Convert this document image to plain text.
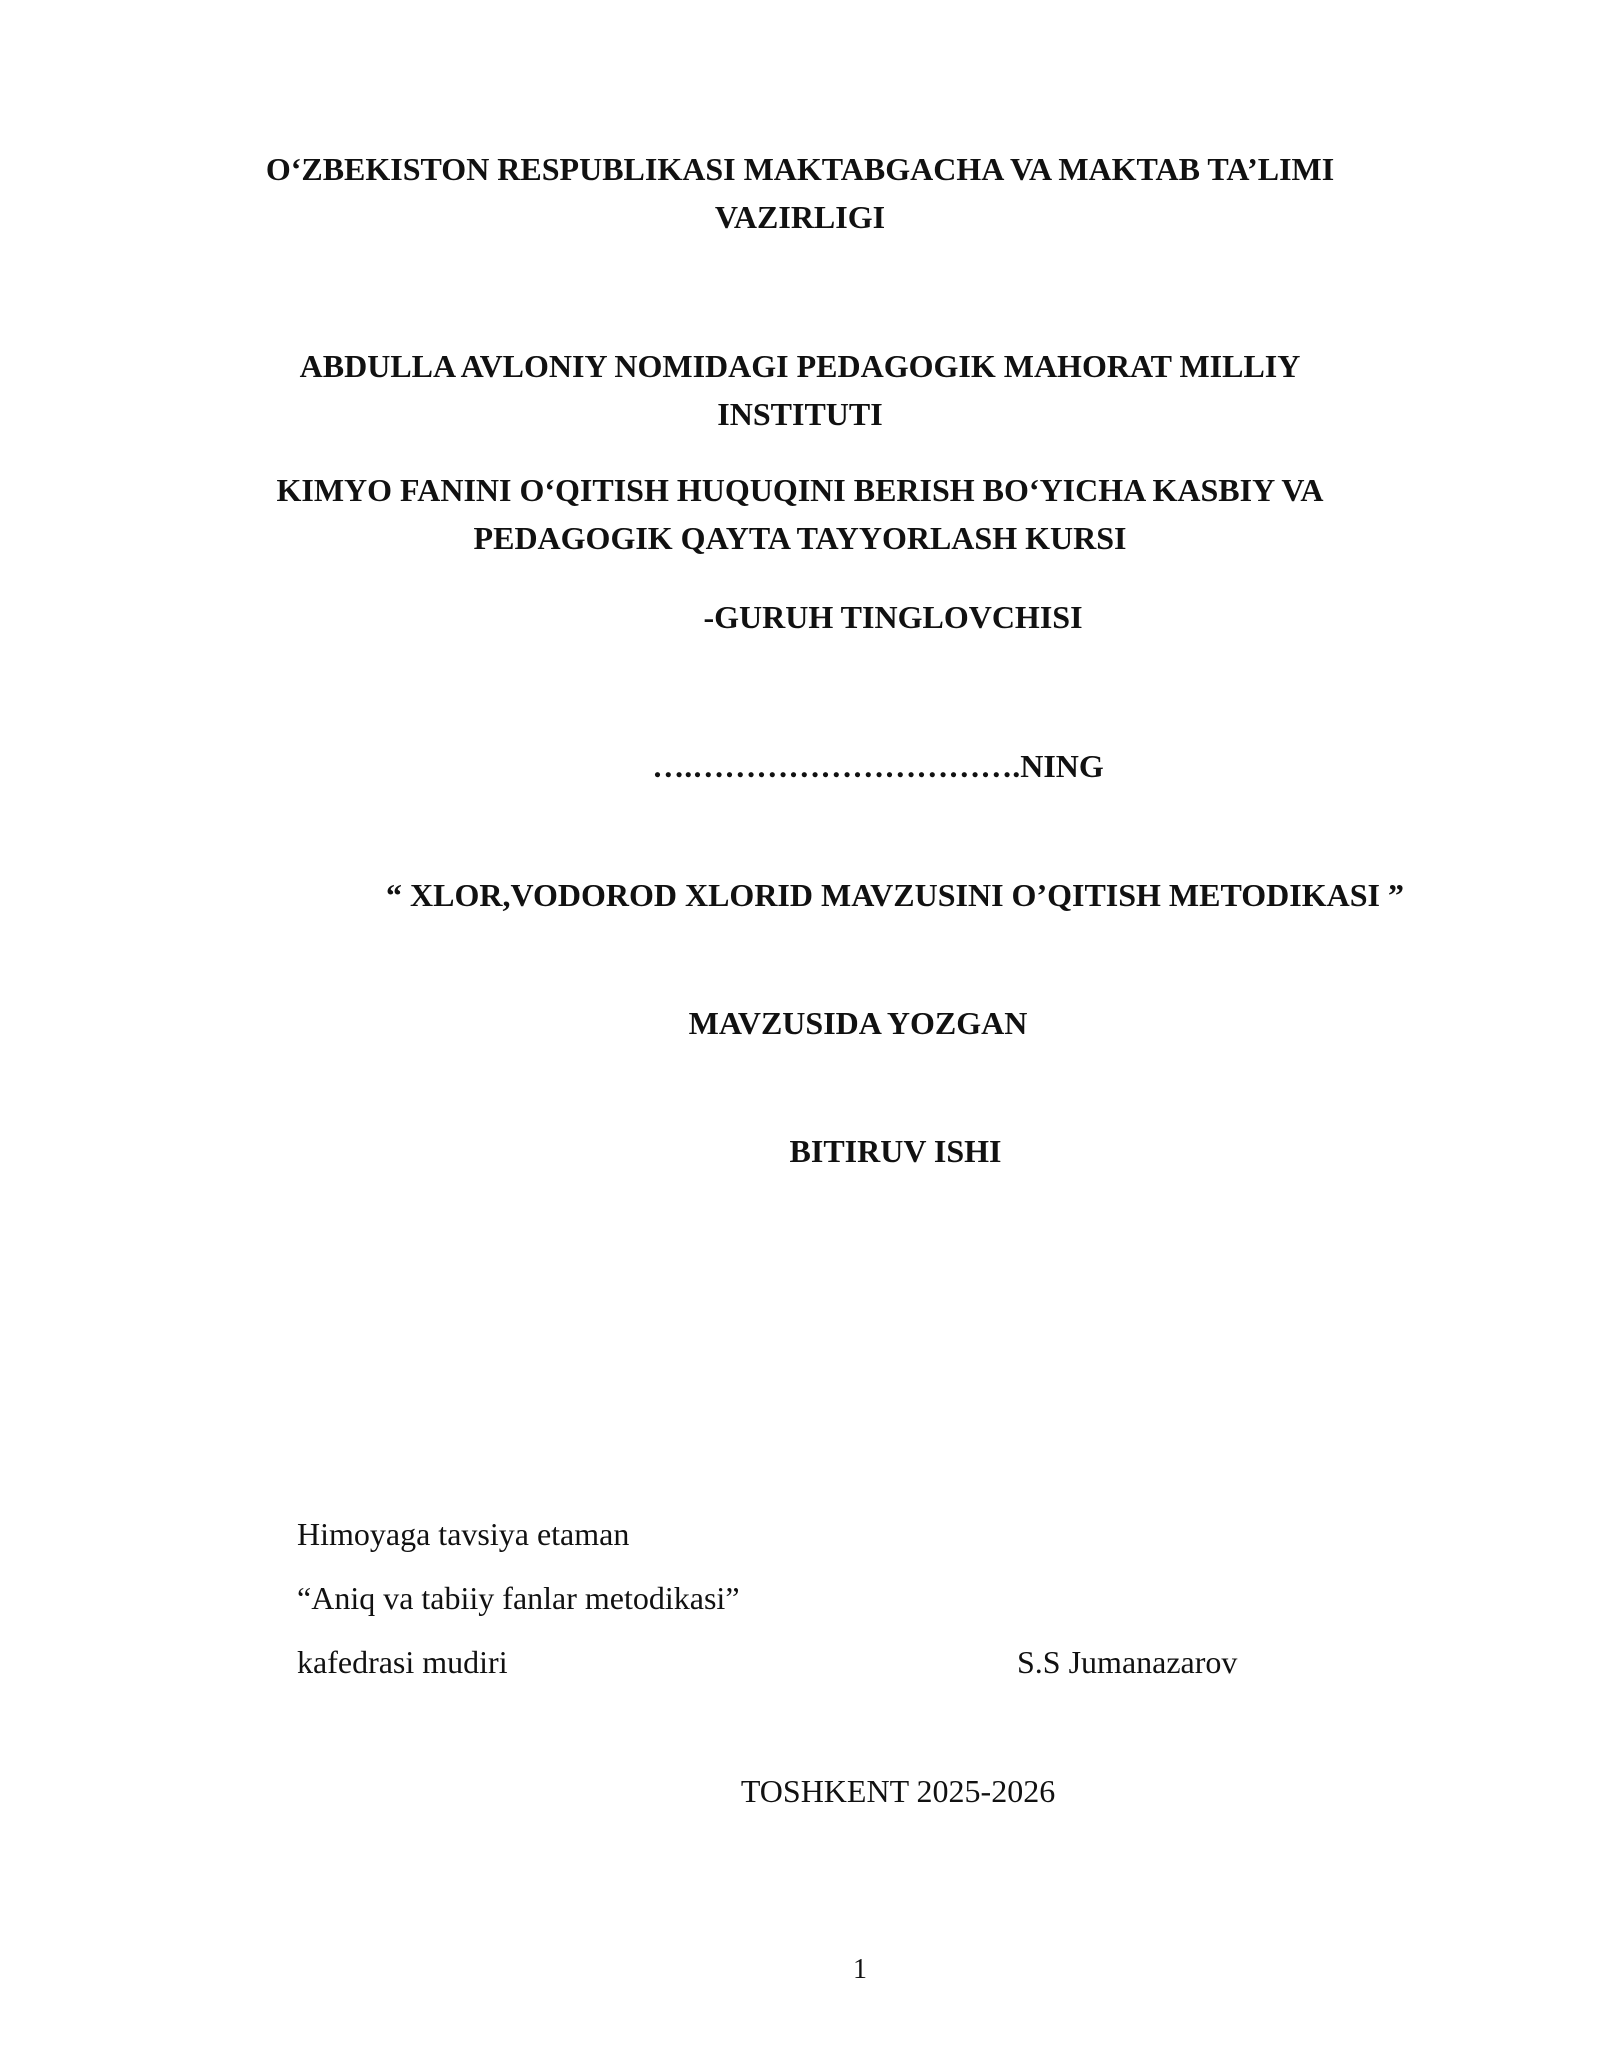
O‘ZBEKISTON RESPUBLIKASI MAKTABGACHA VA MAKTAB TA’LIMI
VAZIRLIGI
ABDULLA AVLONIY NOMIDAGI PEDAGOGIK MAHORAT MILLIY
INSTITUTI
KIMYO FANINI O‘QITISH HUQUQINI BERISH BO‘YICHA KASBIY VA
PEDAGOGIK QAYTA TAYYORLASH KURSI
-GURUH TINGLOVCHISI
….………………………….NING
“ XLOR,VODOROD XLORID MAVZUSINI O’QITISH METODIKASI ”
MAVZUSIDA YOZGAN
BITIRUV ISHI
Himoyaga tavsiya etaman
“Aniq va tabiiy fanlar metodikasi”
kafedrasi mudiri	S.S Jumanazarov
TOSHKENT 2025-2026
1
